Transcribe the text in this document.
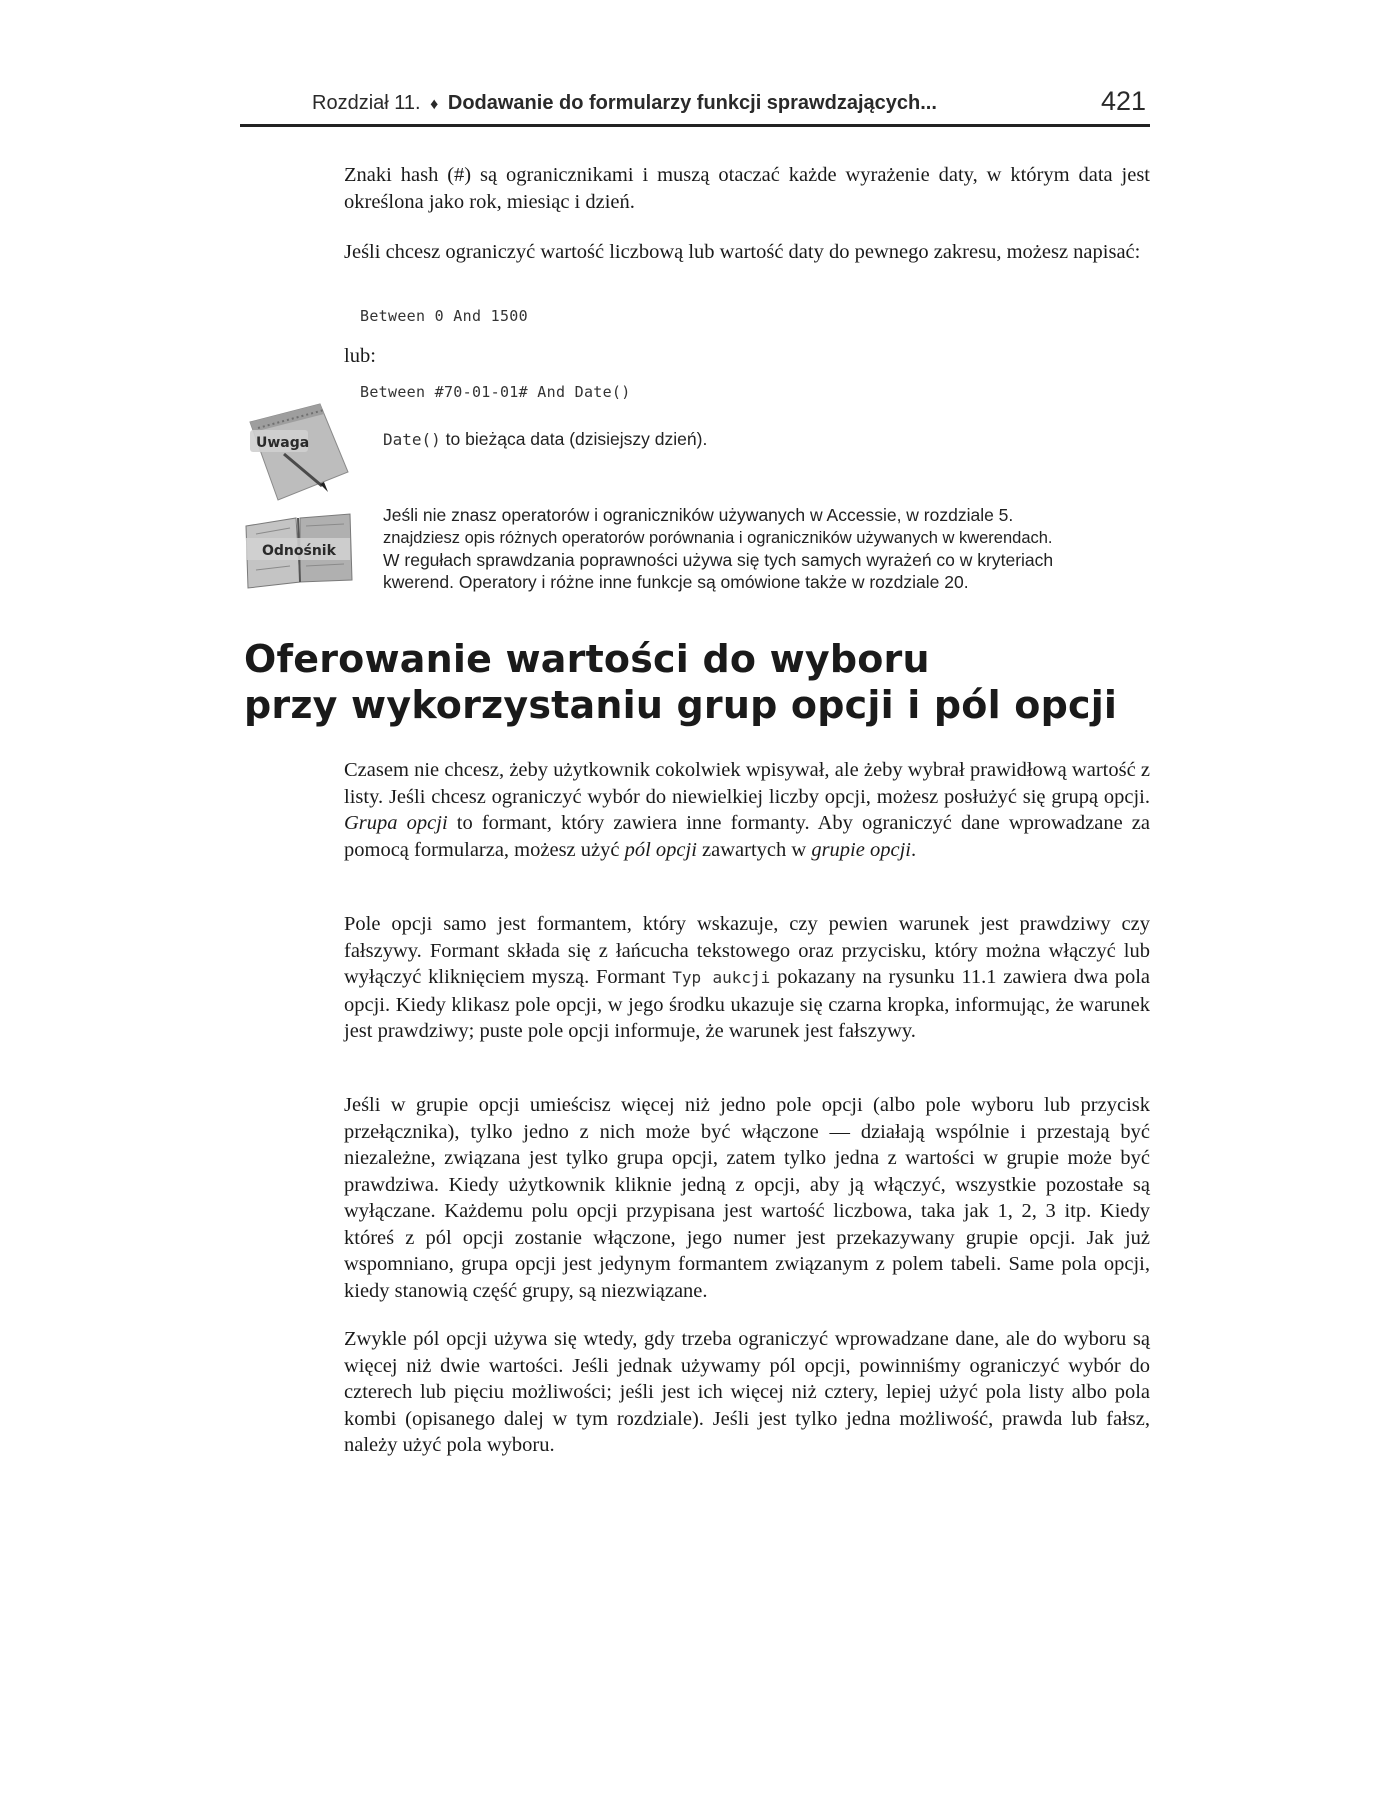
Rozdział 11. ♦ Dodawanie do formularzy funkcji sprawdzających...	421

Znaki hash (#) są ogranicznikami i muszą otaczać każde wyrażenie daty, w którym data jest określona jako rok, miesiąc i dzień.

Jeśli chcesz ograniczyć wartość liczbową lub wartość daty do pewnego zakresu, możesz napisać:

Between 0 And 1500

lub:

Between #70-01-01# And Date()
Uwaga	Date() to bieżąca data (dzisiejszy dzień).

Odnośnik

Jeśli nie znasz operatorów i ograniczników używanych w Accessie, w rozdziale 5.
znajdziesz opis różnych operatorów porównania i ograniczników używanych w kwerendach.
W regułach sprawdzania poprawności używa się tych samych wyrażeń co w kryteriach
kwerend. Operatory i różne inne funkcje są omówione także w rozdziale 20.

Oferowanie wartości do wyboru
przy wykorzystaniu grup opcji i pól opcji

Czasem nie chcesz, żeby użytkownik cokolwiek wpisywał, ale żeby wybrał prawidłową wartość z listy. Jeśli chcesz ograniczyć wybór do niewielkiej liczby opcji, możesz posłużyć się grupą opcji. Grupa opcji to formant, który zawiera inne formanty. Aby ograniczyć dane wprowadzane za pomocą formularza, możesz użyć pól opcji zawartych w grupie opcji.

Pole opcji samo jest formantem, który wskazuje, czy pewien warunek jest prawdziwy czy fałszywy. Formant składa się z łańcucha tekstowego oraz przycisku, który można włączyć lub wyłączyć kliknięciem myszą. Formant Typ aukcji pokazany na rysunku 11.1 zawiera dwa pola opcji. Kiedy klikasz pole opcji, w jego środku ukazuje się czarna kropka, informując, że warunek jest prawdziwy; puste pole opcji informuje, że warunek jest fałszywy.

Jeśli w grupie opcji umieścisz więcej niż jedno pole opcji (albo pole wyboru lub przycisk przełącznika), tylko jedno z nich może być włączone — działają wspólnie i przestają być niezależne, związana jest tylko grupa opcji, zatem tylko jedna z wartości w grupie może być prawdziwa. Kiedy użytkownik kliknie jedną z opcji, aby ją włączyć, wszystkie pozostałe są wyłączane. Każdemu polu opcji przypisana jest wartość liczbowa, taka jak 1, 2, 3 itp. Kiedy któreś z pól opcji zostanie włączone, jego numer jest przekazywany grupie opcji. Jak już wspomniano, grupa opcji jest jedynym formantem związanym z polem tabeli. Same pola opcji, kiedy stanowią część grupy, są niezwiązane.

Zwykle pól opcji używa się wtedy, gdy trzeba ograniczyć wprowadzane dane, ale do wyboru są więcej niż dwie wartości. Jeśli jednak używamy pól opcji, powinniśmy ograniczyć wybór do czterech lub pięciu możliwości; jeśli jest ich więcej niż cztery, lepiej użyć pola listy albo pola kombi (opisanego dalej w tym rozdziale). Jeśli jest tylko jedna możliwość, prawda lub fałsz, należy użyć pola wyboru.
